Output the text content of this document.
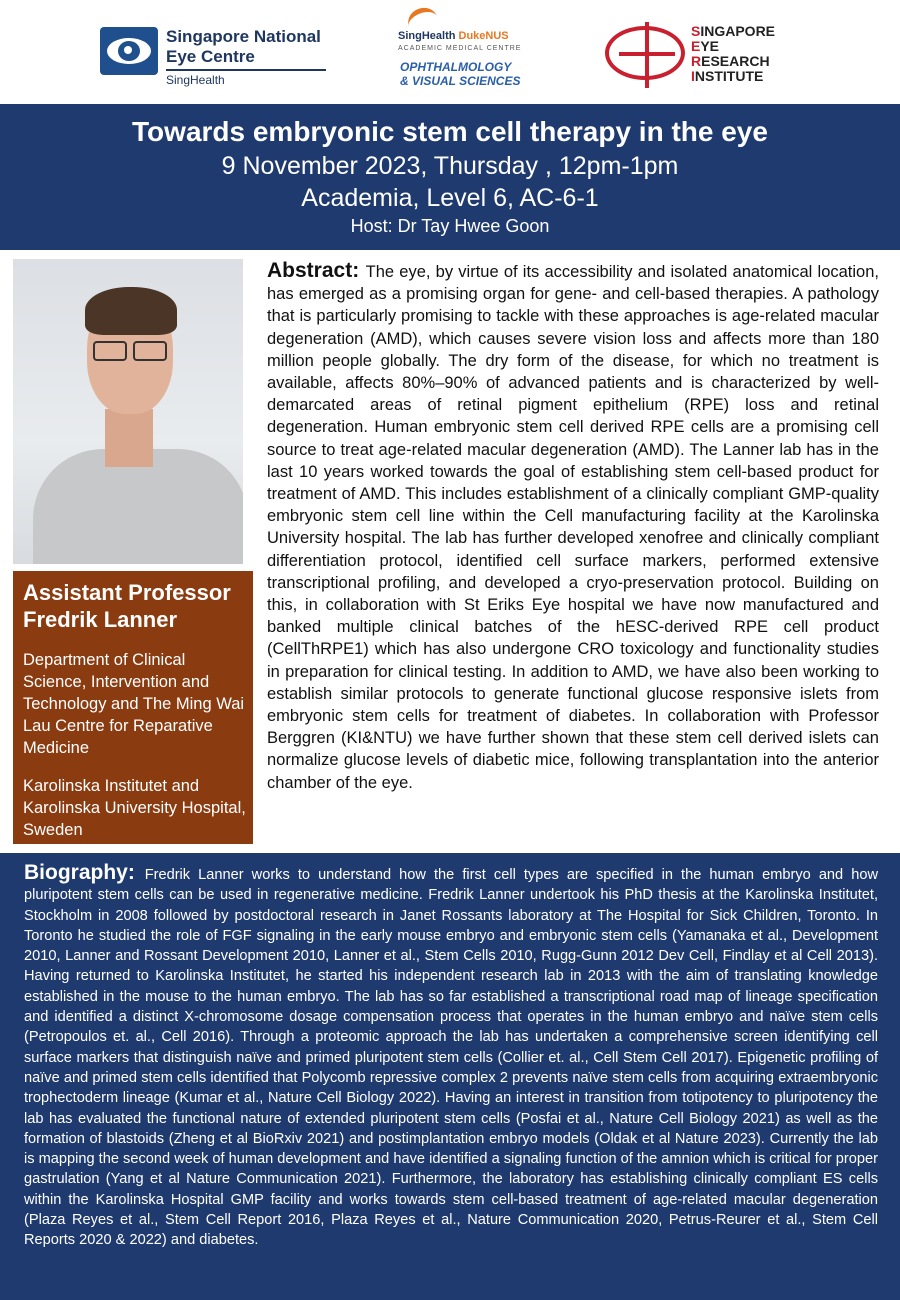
Singapore National Eye Centre
SingHealth
SingHealth DukeNUS
ACADEMIC MEDICAL CENTRE
OPHTHALMOLOGY
& VISUAL SCIENCES
SINGAPORE
EYE
RESEARCH
INSTITUTE
Towards embryonic stem cell therapy in the eye
9 November 2023, Thursday , 12pm-1pm
Academia, Level 6, AC-6-1
Host: Dr Tay Hwee Goon
Assistant Professor Fredrik Lanner
Department of Clinical Science, Intervention and Technology and The Ming Wai Lau Centre for Reparative Medicine
Karolinska Institutet and Karolinska University Hospital, Sweden
Abstract: The eye, by virtue of its accessibility and isolated anatomical location, has emerged as a promising organ for gene- and cell-based therapies. A pathology that is particularly promising to tackle with these approaches is age-related macular degeneration (AMD), which causes severe vision loss and affects more than 180 million people globally. The dry form of the disease, for which no treatment is available, affects 80%–90% of advanced patients and is characterized by well-demarcated areas of retinal pigment epithelium (RPE) loss and retinal degeneration. Human embryonic stem cell derived RPE cells are a promising cell source to treat age-related macular degeneration (AMD). The Lanner lab has in the last 10 years worked towards the goal of establishing stem cell-based product for treatment of AMD. This includes establishment of a clinically compliant GMP-quality embryonic stem cell line within the Cell manufacturing facility at the Karolinska University hospital. The lab has further developed xenofree and clinically compliant differentiation protocol, identified cell surface markers, performed extensive transcriptional profiling, and developed a cryo-preservation protocol. Building on this, in collaboration with St Eriks Eye hospital we have now manufactured and banked multiple clinical batches of the hESC-derived RPE cell product (CellThRPE1) which has also undergone CRO toxicology and functionality studies in preparation for clinical testing. In addition to AMD, we have also been working to establish similar protocols to generate functional glucose responsive islets from embryonic stem cells for treatment of diabetes. In collaboration with Professor Berggren (KI&NTU) we have further shown that these stem cell derived islets can normalize glucose levels of diabetic mice, following transplantation into the anterior chamber of the eye.
Biography: Fredrik Lanner works to understand how the first cell types are specified in the human embryo and how pluripotent stem cells can be used in regenerative medicine. Fredrik Lanner undertook his PhD thesis at the Karolinska Institutet, Stockholm in 2008 followed by postdoctoral research in Janet Rossants laboratory at The Hospital for Sick Children, Toronto. In Toronto he studied the role of FGF signaling in the early mouse embryo and embryonic stem cells (Yamanaka et al., Development 2010, Lanner and Rossant Development 2010, Lanner et al., Stem Cells 2010, Rugg-Gunn 2012 Dev Cell, Findlay et al Cell 2013). Having returned to Karolinska Institutet, he started his independent research lab in 2013 with the aim of translating knowledge established in the mouse to the human embryo. The lab has so far established a transcriptional road map of lineage specification and identified a distinct X-chromosome dosage compensation process that operates in the human embryo and naïve stem cells (Petropoulos et. al., Cell 2016). Through a proteomic approach the lab has undertaken a comprehensive screen identifying cell surface markers that distinguish naïve and primed pluripotent stem cells (Collier et. al., Cell Stem Cell 2017). Epigenetic profiling of naïve and primed stem cells identified that Polycomb repressive complex 2 prevents naïve stem cells from acquiring extraembryonic trophectoderm lineage (Kumar et al., Nature Cell Biology 2022). Having an interest in transition from totipotency to pluripotency the lab has evaluated the functional nature of extended pluripotent stem cells (Posfai et al., Nature Cell Biology 2021) as well as the formation of blastoids (Zheng et al BioRxiv 2021) and postimplantation embryo models (Oldak et al Nature 2023). Currently the lab is mapping the second week of human development and have identified a signaling function of the amnion which is critical for proper gastrulation (Yang et al Nature Communication 2021). Furthermore, the laboratory has establishing clinically compliant ES cells within the Karolinska Hospital GMP facility and works towards stem cell-based treatment of age-related macular degeneration (Plaza Reyes et al., Stem Cell Report 2016, Plaza Reyes et al., Nature Communication 2020, Petrus-Reurer et al., Stem Cell Reports 2020 & 2022) and diabetes.
